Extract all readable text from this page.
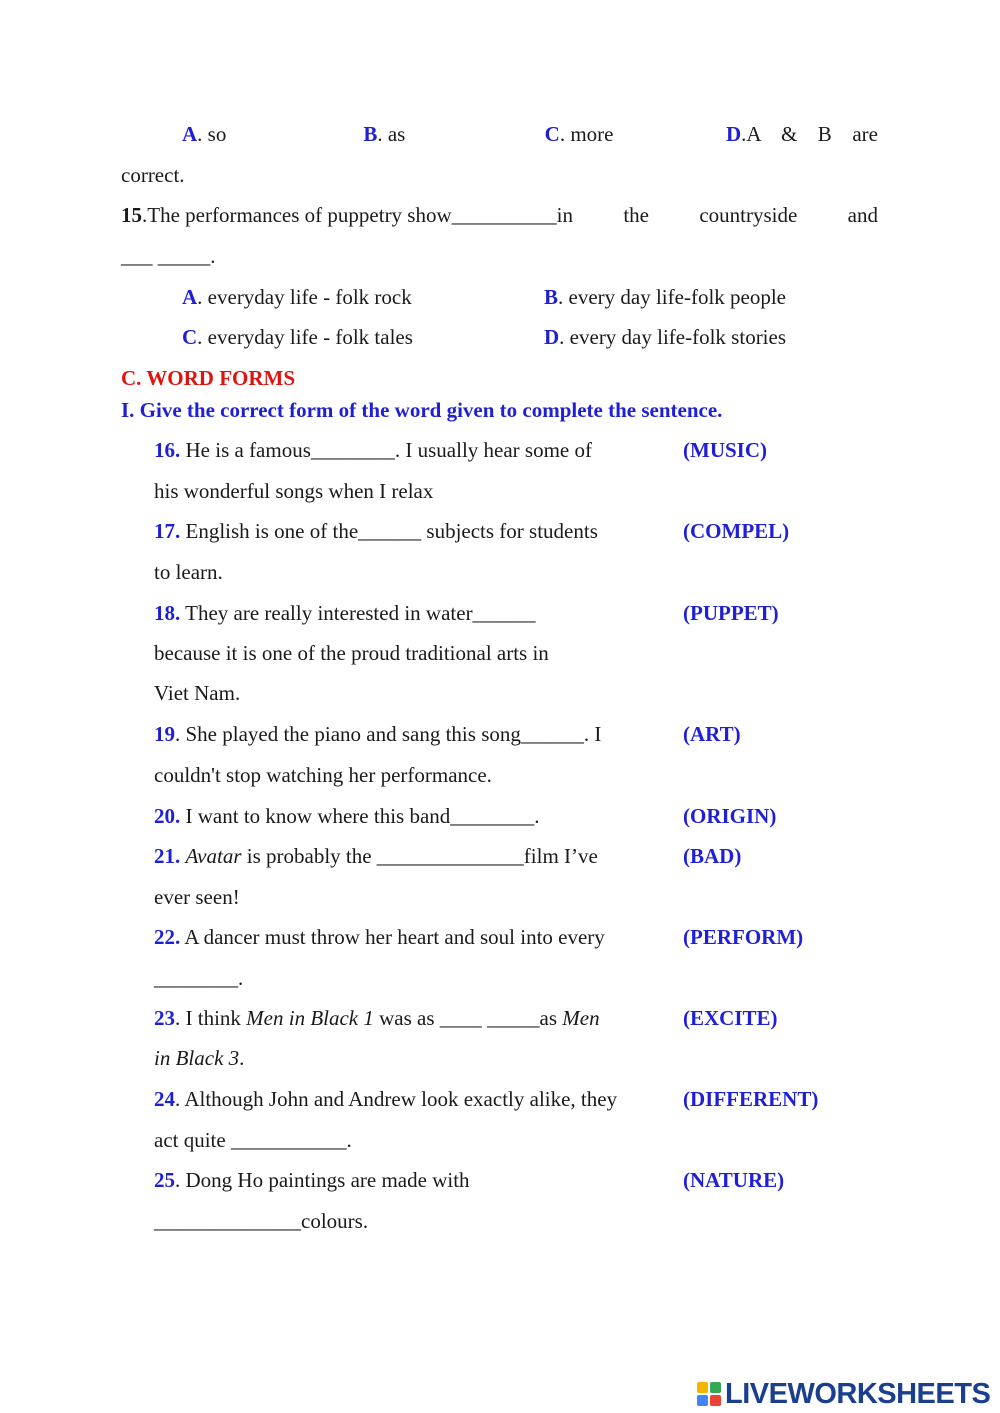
A. so	B. as	C. more	D .A & B are
correct.
15.The performances of puppetry show__________in the countryside and
___ _____.
A. everyday life - folk rock	B. every day life-folk people
C. everyday life - folk tales	D. every day life-folk stories
C. WORD FORMS
I. Give the correct form of the word given to complete the sentence.
16. He is a famous________. I usually hear some of
his wonderful songs when I relax
(MUSIC)
17. English is one of the______ subjects for students
to learn.
(COMPEL)
18. They are really interested in water______
because it is one of the proud traditional arts in
Viet Nam.
(PUPPET)
19. She played the piano and sang this song______. I
couldn't stop watching her performance.
(ART)
20. I want to know where this band________.	(ORIGIN)
21. Avatar is probably the ______________film I’ve
ever seen!
(BAD)
22. A dancer must throw her heart and soul into every
________.
(PERFORM)
23. I think Men in Black 1 was as ____ _____as Men
in Black 3.
(EXCITE)
24. Although John and Andrew look exactly alike, they
act quite ___________.
(DIFFERENT)
25. Dong Ho paintings are made with
______________colours.
(NATURE)
LIVEWORKSHEETS
